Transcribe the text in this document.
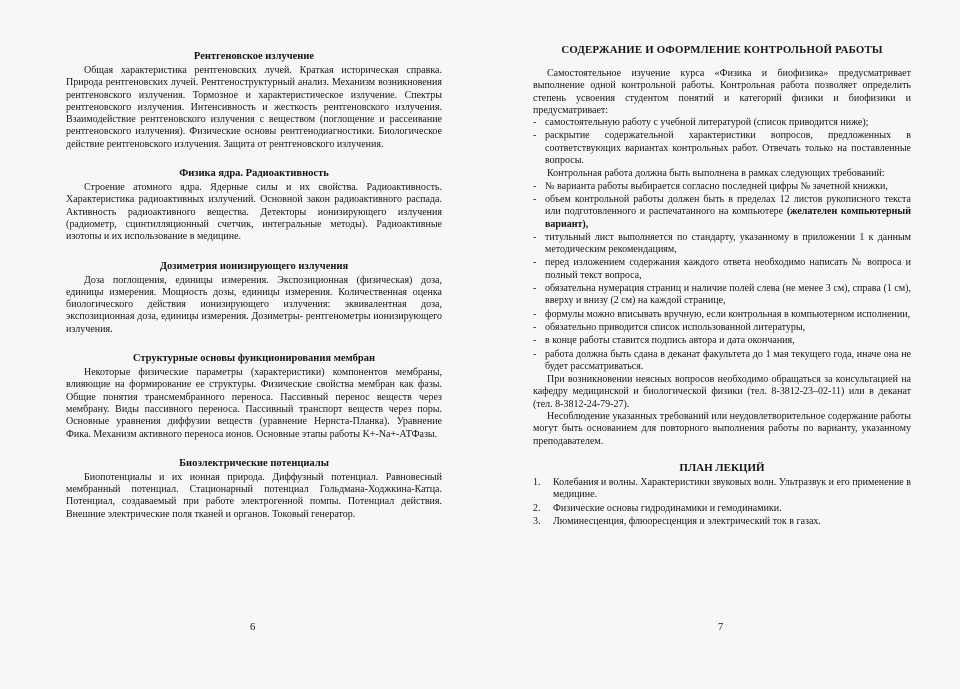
Рентгеновское излучение

Общая характеристика рентгеновских лучей. Краткая историческая справка. Природа рентгеновских лучей. Рентгеноструктурный анализ. Механизм возникновения рентгеновского излучения. Тормозное и характеристическое излучение. Спектры рентгеновского излучения. Интенсивность и жесткость рентгеновского излучения. Взаимодействие рентгеновского излучения с веществом (поглощение и рассеивание рентгеновского излучения). Физические основы рентгенодиагностики. Биологическое действие рентгеновского излучения. Защита от рентгеновского излучения.

Физика ядра. Радиоактивность

Строение атомного ядра. Ядерные силы и их свойства. Радиоактивность. Характеристика радиоактивных излучений. Основной закон радиоактивного распада. Активность радиоактивного вещества. Детекторы ионизирующего излучения (радиометр, сцинтилляционный счетчик, интегральные методы). Радиоактивные изотопы и их использование в медицине.

Дозиметрия ионизирующего излучения

Доза поглощения, единицы измерения. Экспозиционная (физическая) доза, единицы измерения. Мощность дозы, единицы измерения. Количественная оценка биологического действия ионизирующего излучения: эквивалентная доза, экспозиционная доза, единицы измерения. Дозиметры- рентгенометры ионизирующего излучения.

Структурные основы функционирования мембран

Некоторые физические параметры (характеристики) компонентов мембраны, влияющие на формирование ее структуры. Физические свойства мембран как фазы. Общие понятия трансмембранного переноса. Пассивный перенос веществ через мембрану. Виды пассивного переноса. Пассивный транспорт веществ через поры. Основные уравнения диффузии веществ (уравнение Нернста-Планка). Уравнение Фика. Механизм активного переноса ионов. Основные этапы работы K+-Na+-АТФазы.

Биоэлектрические потенциалы

Биопотенциалы и их ионная природа. Диффузный потенциал. Равновесный мембранный потенциал. Стационарный потенциал Гольдмана-Ходжкина-Катца. Потенциал, создаваемый при работе электрогенной помпы. Потенциал действия. Внешние электрические поля тканей и органов. Токовый генератор.

6
СОДЕРЖАНИЕ И ОФОРМЛЕНИЕ КОНТРОЛЬНОЙ РАБОТЫ

Самостоятельное изучение курса «Физика и биофизика» предусматривает выполнение одной контрольной работы. Контрольная работа позволяет определить степень усвоения студентом понятий и категорий физики и биофизики и предусматривает:

- самостоятельную работу с учебной литературой (список приводится ниже);
- раскрытие содержательной характеристики вопросов, предложенных в соответствующих вариантах контрольных работ. Отвечать только на поставленные вопросы.

Контрольная работа должна быть выполнена в рамках следующих требований:

- № варианта работы выбирается согласно последней цифры № зачетной книжки,
- объем контрольной работы должен быть в пределах 12 листов рукописного текста или подготовленного и распечатанного на компьютере (желателен компьютерный вариант),
- титульный лист выполняется по стандарту, указанному в приложении 1 к данным методическим рекомендациям,
- перед изложением содержания каждого ответа необходимо написать № вопроса и полный текст вопроса,
- обязательна нумерация страниц и наличие полей слева (не менее 3 см), справа (1 см), вверху и внизу (2 см) на каждой странице,
- формулы можно вписывать вручную, если контрольная в компьютерном исполнении,
- обязательно приводится список использованной литературы,
- в конце работы ставится подпись автора и дата окончания,
- работа должна быть сдана в деканат факультета до 1 мая текущего года, иначе она не будет рассматриваться.

При возникновении неясных вопросов необходимо обращаться за консультацией на кафедру медицинской и биологической физики (тел. 8-3812-23–02-11) или в деканат (тел. 8-3812-24-79-27).

Несоблюдение указанных требований или неудовлетворительное содержание работы могут быть основанием для повторного выполнения работы по варианту, указанному преподавателем.

ПЛАН ЛЕКЦИЙ
1. Колебания и волны. Характеристики звуковых волн. Ультразвук и его применение в медицине.
2. Физические основы гидродинамики и гемодинамики.
3. Люминесценция, флюоресценция и электрический ток в газах.
7
